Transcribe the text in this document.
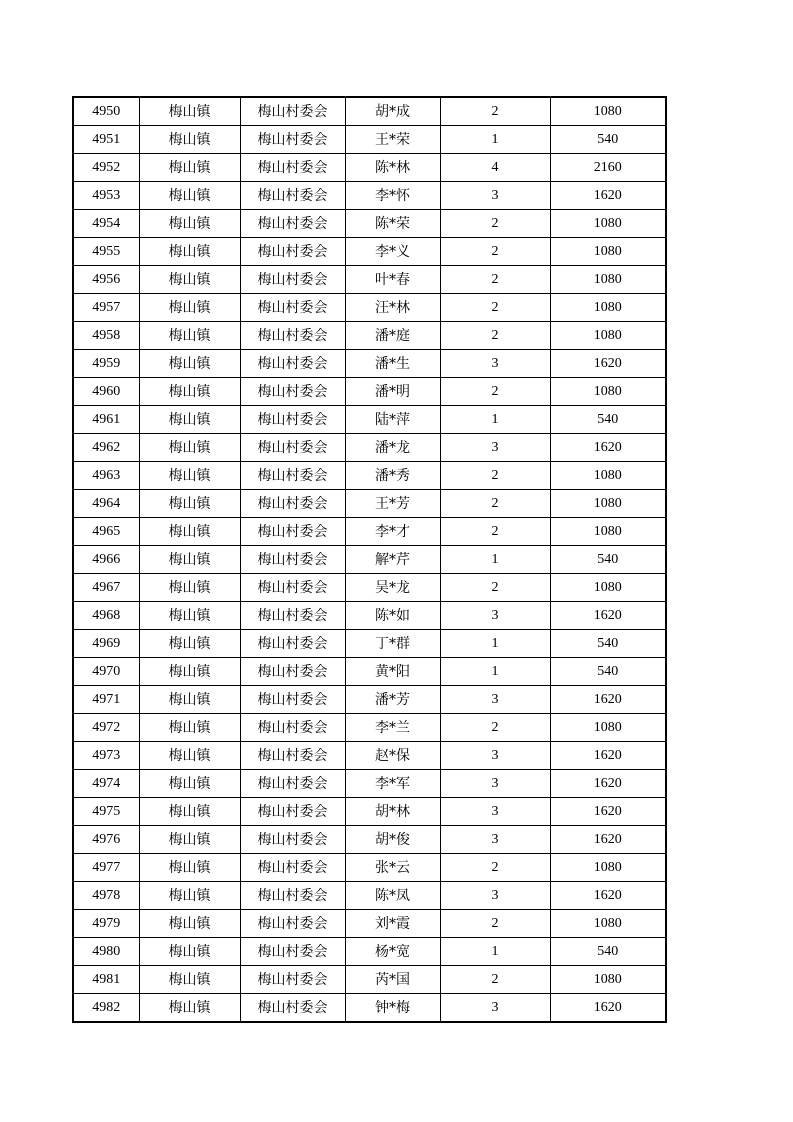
4950	梅山镇	梅山村委会	胡*成	2	1080
4951	梅山镇	梅山村委会	王*荣	1	540
4952	梅山镇	梅山村委会	陈*林	4	2160
4953	梅山镇	梅山村委会	李*怀	3	1620
4954	梅山镇	梅山村委会	陈*荣	2	1080
4955	梅山镇	梅山村委会	李*义	2	1080
4956	梅山镇	梅山村委会	叶*春	2	1080
4957	梅山镇	梅山村委会	汪*林	2	1080
4958	梅山镇	梅山村委会	潘*庭	2	1080
4959	梅山镇	梅山村委会	潘*生	3	1620
4960	梅山镇	梅山村委会	潘*明	2	1080
4961	梅山镇	梅山村委会	陆*萍	1	540
4962	梅山镇	梅山村委会	潘*龙	3	1620
4963	梅山镇	梅山村委会	潘*秀	2	1080
4964	梅山镇	梅山村委会	王*芳	2	1080
4965	梅山镇	梅山村委会	李*才	2	1080
4966	梅山镇	梅山村委会	解*芹	1	540
4967	梅山镇	梅山村委会	吴*龙	2	1080
4968	梅山镇	梅山村委会	陈*如	3	1620
4969	梅山镇	梅山村委会	丁*群	1	540
4970	梅山镇	梅山村委会	黄*阳	1	540
4971	梅山镇	梅山村委会	潘*芳	3	1620
4972	梅山镇	梅山村委会	李*兰	2	1080
4973	梅山镇	梅山村委会	赵*保	3	1620
4974	梅山镇	梅山村委会	李*军	3	1620
4975	梅山镇	梅山村委会	胡*林	3	1620
4976	梅山镇	梅山村委会	胡*俊	3	1620
4977	梅山镇	梅山村委会	张*云	2	1080
4978	梅山镇	梅山村委会	陈*凤	3	1620
4979	梅山镇	梅山村委会	刘*霞	2	1080
4980	梅山镇	梅山村委会	杨*宽	1	540
4981	梅山镇	梅山村委会	芮*国	2	1080
4982	梅山镇	梅山村委会	钟*梅	3	1620
